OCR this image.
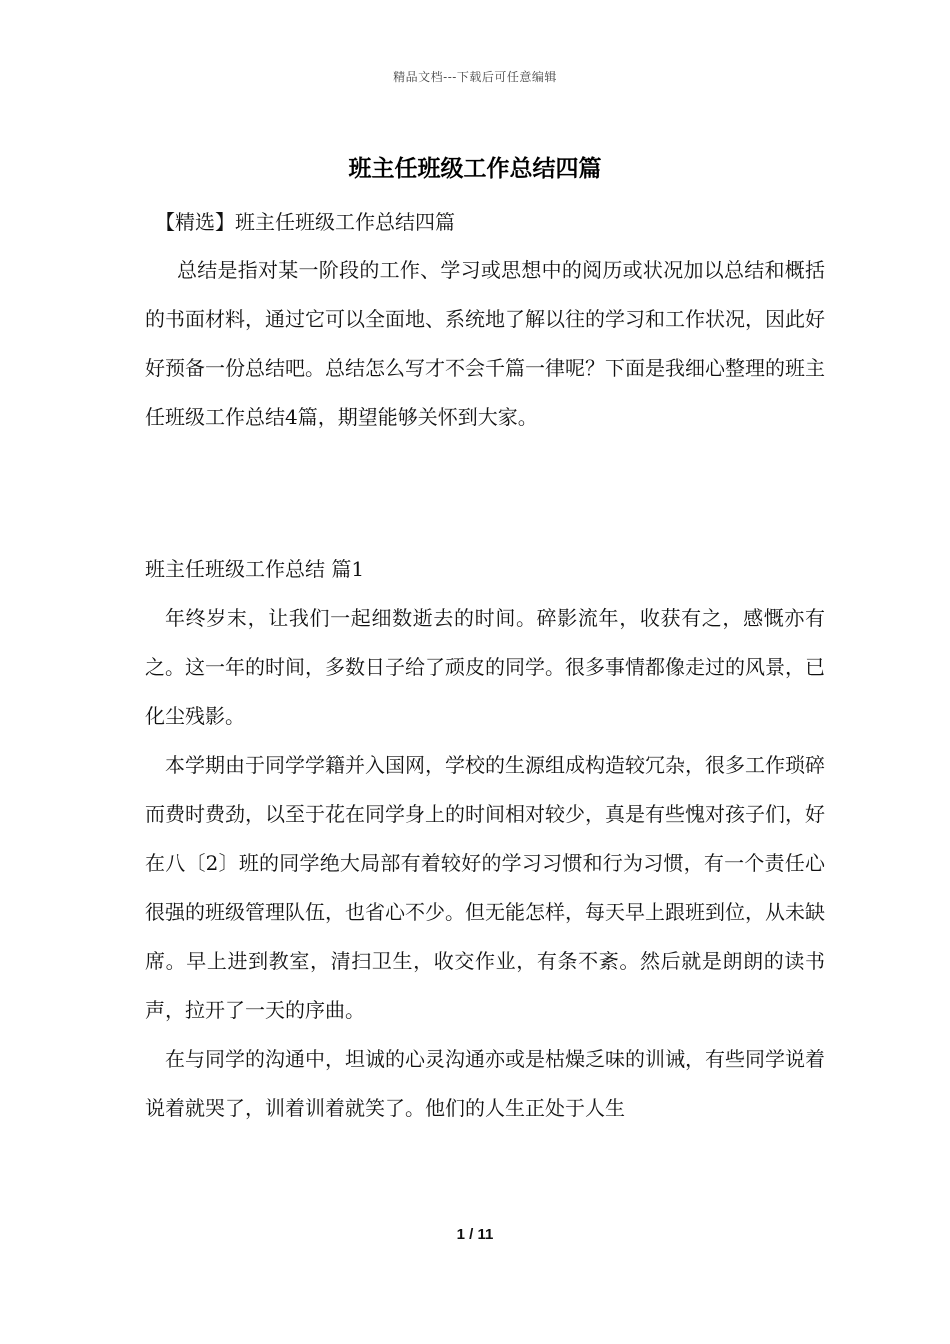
精品文档---下载后可任意编辑
班主任班级工作总结四篇
【精选】班主任班级工作总结四篇

总结是指对某一阶段的工作、学习或思想中的阅历或状况加以总结和概括的书面材料，通过它可以全面地、系统地了解以往的学习和工作状况，因此好好预备一份总结吧。总结怎么写才不会千篇一律呢？下面是我细心整理的班主任班级工作总结4篇，期望能够关怀到大家。

班主任班级工作总结 篇1

年终岁末，让我们一起细数逝去的时间。碎影流年，收获有之，感慨亦有之。这一年的时间，多数日子给了顽皮的同学。很多事情都像走过的风景，已化尘残影。

本学期由于同学学籍并入国网，学校的生源组成构造较冗杂，很多工作琐碎而费时费劲，以至于花在同学身上的时间相对较少，真是有些愧对孩子们，好在八〔2〕班的同学绝大局部有着较好的学习习惯和行为习惯，有一个责任心很强的班级管理队伍，也省心不少。但无能怎样，每天早上跟班到位，从未缺席。早上进到教室，清扫卫生，收交作业，有条不紊。然后就是朗朗的读书声，拉开了一天的序曲。

在与同学的沟通中，坦诚的心灵沟通亦或是枯燥乏味的训诫，有些同学说着说着就哭了，训着训着就笑了。他们的人生正处于人生

1 / 11
